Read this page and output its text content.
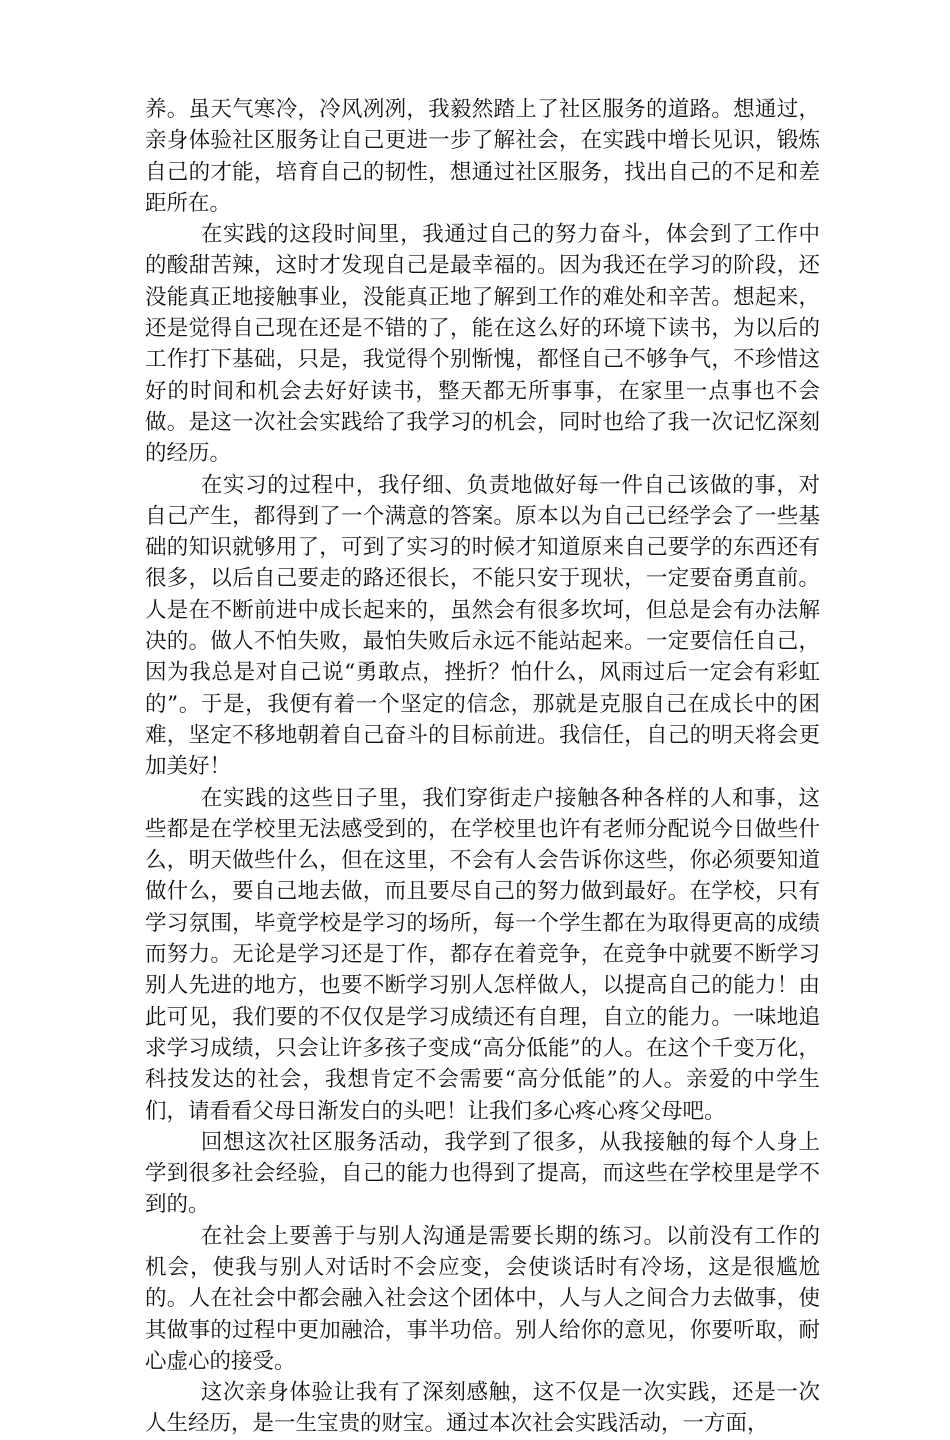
养。虽天气寒冷，冷风冽冽，我毅然踏上了社区服务的道路。想通过，亲身体验社区服务让自己更进一步了解社会，在实践中增长见识，锻炼自己的才能，培育自己的韧性，想通过社区服务，找出自己的不足和差距所在。

在实践的这段时间里，我通过自己的努力奋斗，体会到了工作中的酸甜苦辣，这时才发现自己是最幸福的。因为我还在学习的阶段，还没能真正地接触事业，没能真正地了解到工作的难处和辛苦。想起来，还是觉得自己现在还是不错的了，能在这么好的环境下读书，为以后的工作打下基础，只是，我觉得个别惭愧，都怪自己不够争气，不珍惜这好的时间和机会去好好读书，整天都无所事事，在家里一点事也不会做。是这一次社会实践给了我学习的机会，同时也给了我一次记忆深刻的经历。

在实习的过程中，我仔细、负责地做好每一件自己该做的事，对自己产生，都得到了一个满意的答案。原本以为自己已经学会了一些基础的知识就够用了，可到了实习的时候才知道原来自己要学的东西还有很多，以后自己要走的路还很长，不能只安于现状，一定要奋勇直前。人是在不断前进中成长起来的，虽然会有很多坎坷，但总是会有办法解决的。做人不怕失败，最怕失败后永远不能站起来。一定要信任自己，因为我总是对自己说“勇敢点，挫折？怕什么，风雨过后一定会有彩虹的”。于是，我便有着一个坚定的信念，那就是克服自己在成长中的困难，坚定不移地朝着自己奋斗的目标前进。我信任，自己的明天将会更加美好！

在实践的这些日子里，我们穿街走户接触各种各样的人和事，这些都是在学校里无法感受到的，在学校里也许有老师分配说今日做些什么，明天做些什么，但在这里，不会有人会告诉你这些，你必须要知道做什么，要自己地去做，而且要尽自己的努力做到最好。在学校，只有学习氛围，毕竟学校是学习的场所，每一个学生都在为取得更高的成绩而努力。无论是学习还是丁作，都存在着竞争，在竞争中就要不断学习别人先进的地方，也要不断学习别人怎样做人，以提高自己的能力！由此可见，我们要的不仅仅是学习成绩还有自理，自立的能力。一味地追求学习成绩，只会让许多孩子变成“高分低能”的人。在这个千变万化，科技发达的社会，我想肯定不会需要“高分低能”的人。亲爱的中学生们，请看看父母日渐发白的头吧！让我们多心疼心疼父母吧。

回想这次社区服务活动，我学到了很多，从我接触的每个人身上学到很多社会经验，自己的能力也得到了提高，而这些在学校里是学不到的。

在社会上要善于与别人沟通是需要长期的练习。以前没有工作的机会，使我与别人对话时不会应变，会使谈话时有冷场，这是很尴尬的。人在社会中都会融入社会这个团体中，人与人之间合力去做事，使其做事的过程中更加融洽，事半功倍。别人给你的意见，你要听取，耐心虚心的接受。

这次亲身体验让我有了深刻感触，这不仅是一次实践，还是一次人生经历，是一生宝贵的财宝。通过本次社会实践活动，一方面，
